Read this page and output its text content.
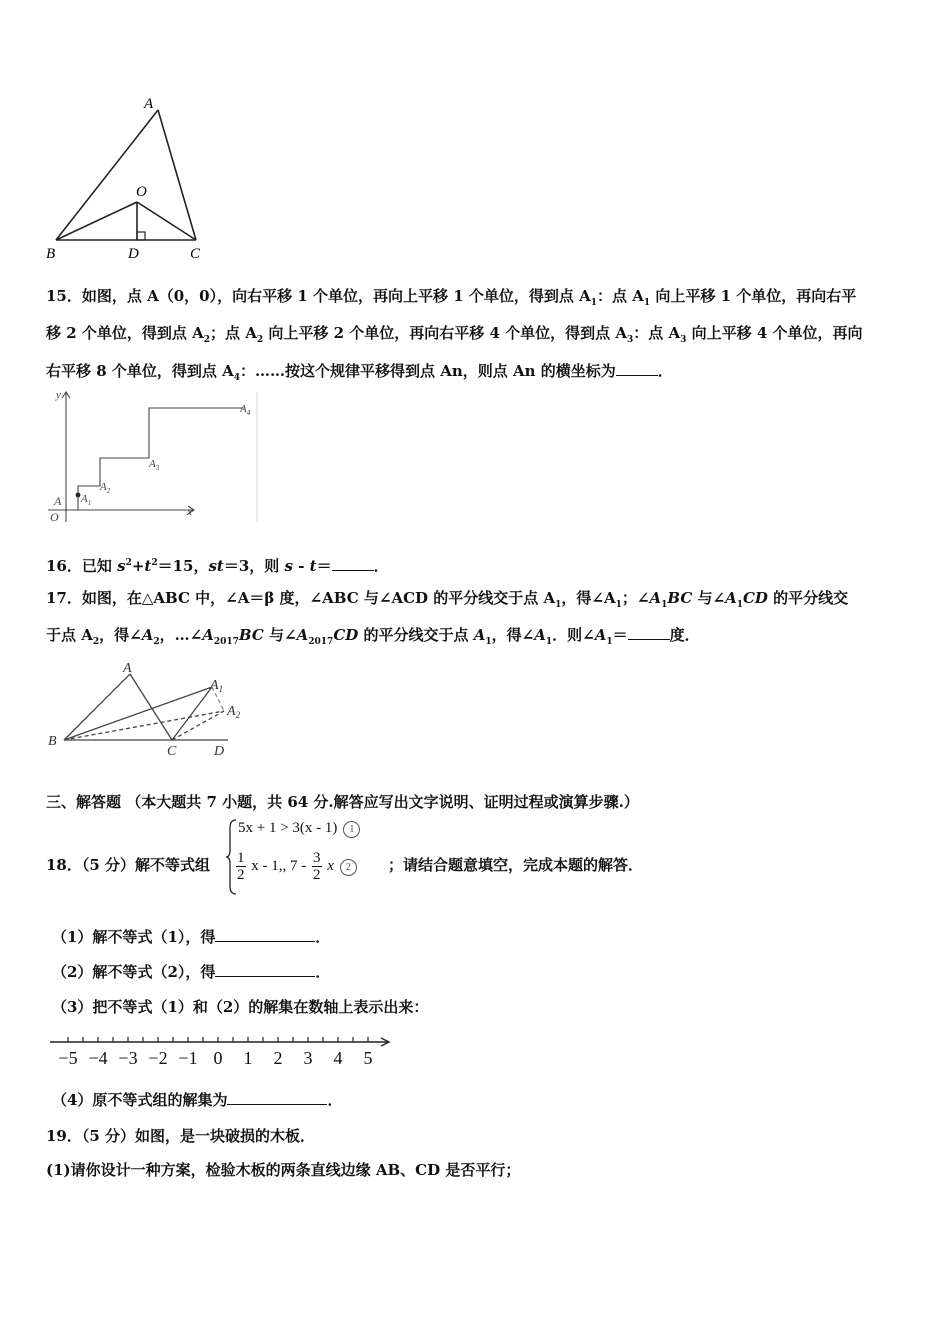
A
O
B	D	C
15．如图，点 A（0，0），向右平移 1 个单位，再向上平移 1 个单位，得到点 $A_1$：点 $A_1$ 向上平移 1 个单位，再向右平
移 2 个单位，得到点 $A_2$；点 $A_2$ 向上平移 2 个单位，再向右平移 4 个单位，得到点 $A_3$：点 $A_3$ 向上平移 4 个单位，再向
右平移 8 个单位，得到点 $A_4$：……按这个规律平移得到点 An，则点 An 的横坐标为	．
y
x
O
A $A_1$
$A_2$
$A_3$
$A_4$
16．已知 $s^2+t^2=15$，st＝3，则 s - t＝	．
17．如图，在△ABC 中，∠A＝β 度，∠ABC 与∠ACD 的平分线交于点 $A_1$，得$\angle A_1$；$\angle A_1BC$ 与$\angle A_1CD$ 的平分线交
于点 $A_2$，得$\angle A_2$，$\dots\angle A_{2017}BC$ 与$\angle A_{2017}CD$ 的平分线交于点 $A_1$，得$\angle A_1$．则$\angle A_1=$	度．
A
$A_1$
$A_2$
B
C	D
三、解答题 （本大题共 7 小题，共 64 分.解答应写出文字说明、证明过程或演算步骤.）
18．（5 分）解不等式组
5x + 1 > 3(x - 1) 1
$\frac{1}{2}$ x - 1,, $7 - \frac{3}{2}$ x 2	；请结合题意填空，完成本题的解答．
（1）解不等式（1），得	．
（2）解不等式（2），得	．
（3）把不等式（1）和（2）的解集在数轴上表示出来：
−5 −4 −3 −2 −1 0 1 2 3 4 5
（4）原不等式组的解集为	．
19．（5 分）如图，是一块破损的木板．
(1)请你设计一种方案，检验木板的两条直线边缘 AB、CD 是否平行；
